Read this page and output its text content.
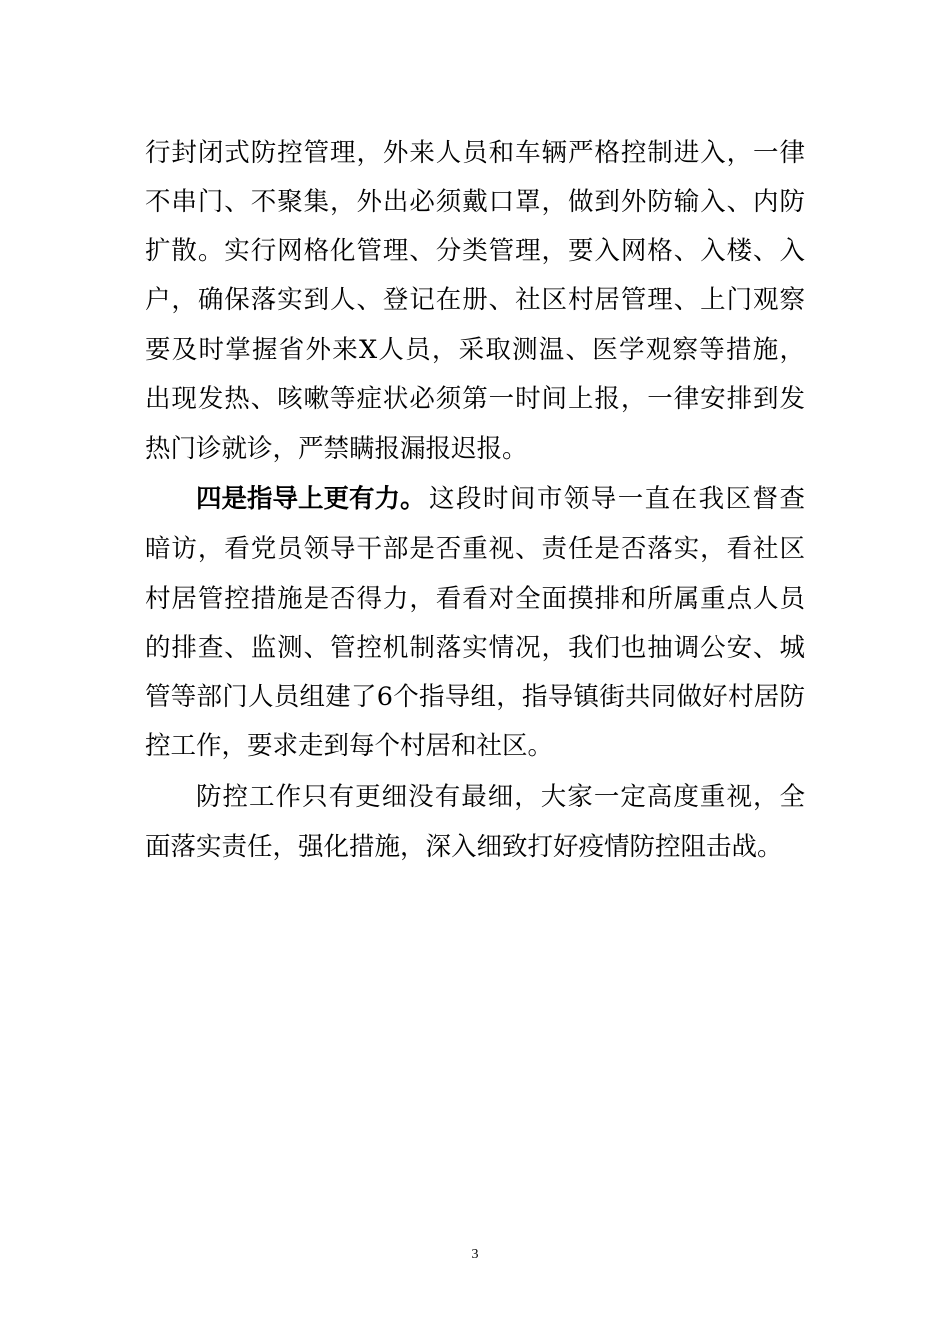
行封闭式防控管理，外来人员和车辆严格控制进入，一律
不串门、不聚集，外出必须戴口罩，做到外防输入、内防
扩散。实行网格化管理、分类管理，要入网格、入楼、入
户，确保落实到人、登记在册、社区村居管理、上门观察
要及时掌握省外来X人员，采取测温、医学观察等措施，
出现发热、咳嗽等症状必须第一时间上报，一律安排到发
热门诊就诊，严禁瞒报漏报迟报。
四是指导上更有力。 这段时间市领导一直在我区督查
暗访，看党员领导干部是否重视、责任是否落实，看社区
村居管控措施是否得力，看看对全面摸排和所属重点人员
的排查、监测、管控机制落实情况，我们也抽调公安、城
管等部门人员组建了6个指导组，指导镇街共同做好村居防
控工作，要求走到每个村居和社区。
防控工作只有更细没有最细，大家一定高度重视，全
面落实责任，强化措施，深入细致打好疫情防控阻击战。
3
